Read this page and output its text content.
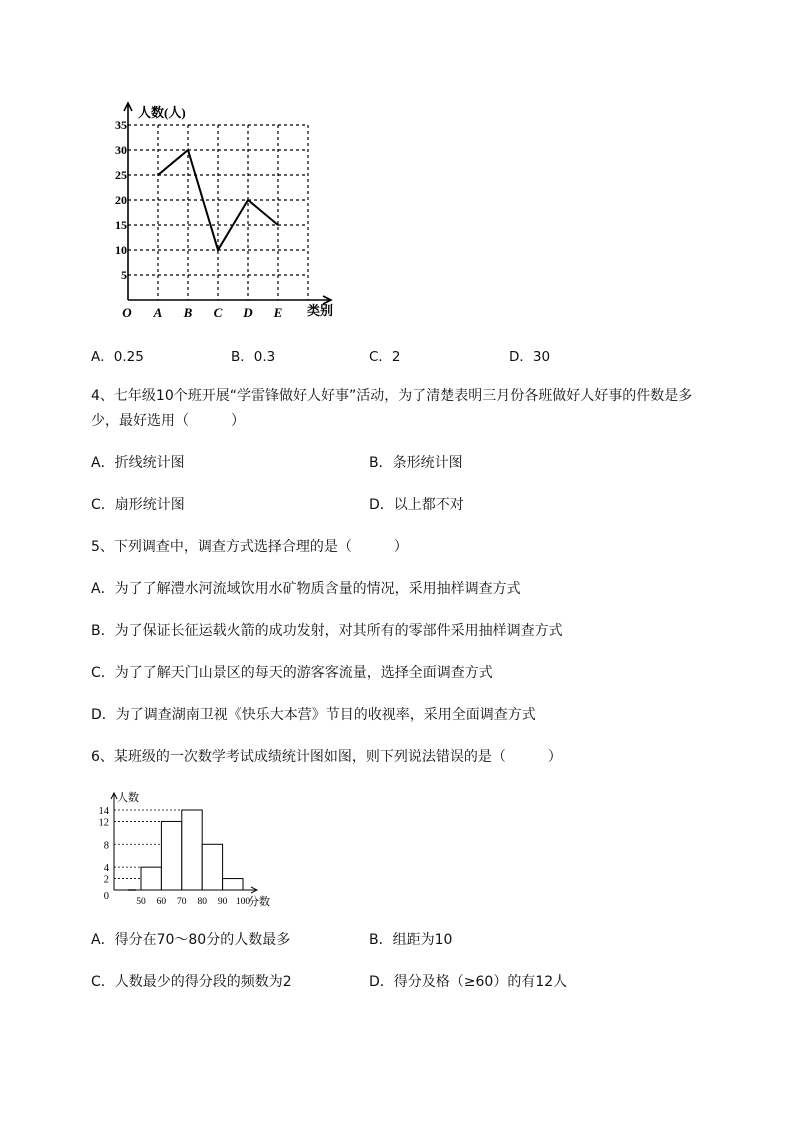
5
10
15
20
25
30
35
人数(人)
类别
O A B C D E
A．0.25	B．0.3	C．2	D．30
4、七年级10个班开展“学雷锋做好人好事”活动，为了清楚表明三月份各班做好人好事的件数是多
少，最好选用（　　　）
A．折线统计图	B．条形统计图
C．扇形统计图	D．以上都不对
5、下列调查中，调查方式选择合理的是（　　　）
A．为了了解澧水河流域饮用水矿物质含量的情况，采用抽样调查方式
B．为了保证长征运载火箭的成功发射，对其所有的零部件采用抽样调查方式
C．为了了解天门山景区的每天的游客客流量，选择全面调查方式
D．为了调查湖南卫视《快乐大本营》节目的收视率，采用全面调查方式
6、某班级的一次数学考试成绩统计图如图，则下列说法错误的是（　　　）
2
4
8
12
14
0
人数
50 60 70 80 90 100
分数
A．得分在70～80分的人数最多	B．组距为10
C．人数最少的得分段的频数为2	D．得分及格（≥60）的有12人
